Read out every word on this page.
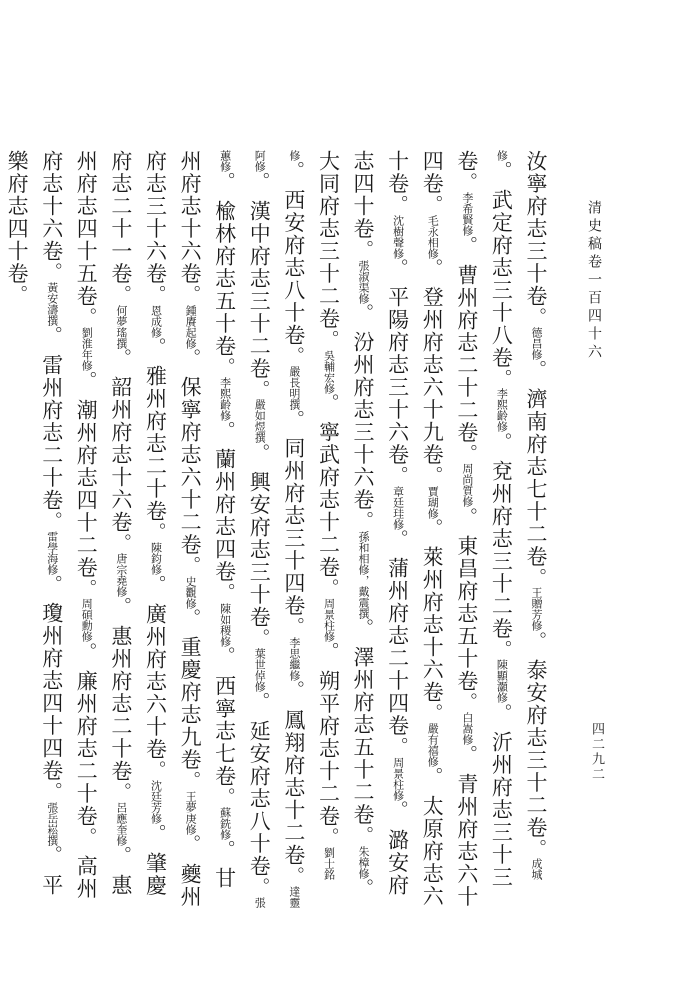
清史稿卷一百四十六
四二九二
汝寧府志三十卷。德昌修。 濟南府志七十二卷。王贈芳修。 泰安府志三十二卷。成城修。 武定府志三十八卷。李熙齡修。 兗州府志三十二卷。陳顯灝修。 沂州府志三十三卷。李希賢修。 曹州府志二十二卷。周尚質修。 東昌府志五十卷。白嵩修。 青州府志六十四卷。毛永相修。 登州府志六十九卷。賈瑚修。 萊州府志十六卷。嚴有禧修。 太原府志六十卷。沈樹聲修。 平陽府志三十六卷。章廷珪修。 蒲州府志二十四卷。周景柱修。 潞安府志四十卷。張淑渠修。 汾州府志三十六卷。孫和相修，戴震撰。 澤州府志五十二卷。朱樟修。 大同府志三十二卷。吳輔宏修。 寧武府志十二卷。周景柱修。 朔平府志十二卷。劉士銘修。 西安府志八十卷。嚴長明撰。 同州府志三十四卷。李思繼修。 鳳翔府志十二卷。達靈阿修。 漢中府志三十二卷。嚴如煜撰。 興安府志三十卷。葉世倬修。 延安府志八十卷。張蕙修。 楡林府志五十卷。李熙齡修。 蘭州府志四卷。陳如稷修。 西寧志七卷。蘇銑修。 甘州府志十六卷。鍾賡起修。 保寧府志六十二卷。史觀修。 重慶府志九卷。王夢庚修。 夔州府志三十六卷。恩成修。 雅州府志二十卷。陳鈞修。 廣州府志六十卷。沈廷芳修。 肇慶府志二十一卷。何夢瑤撰。 韶州府志十六卷。唐宗堯修。 惠州府志二十卷。呂應奎修。 惠州府志四十五卷。劉淮年修。 潮州府志四十二卷。周碩勳修。 廉州府志二十卷。 高州府志十六卷。黃安濤撰。 雷州府志二十卷。雷學海修。 瓊州府志四十四卷。張岳崧撰。 平樂府志四十卷。
